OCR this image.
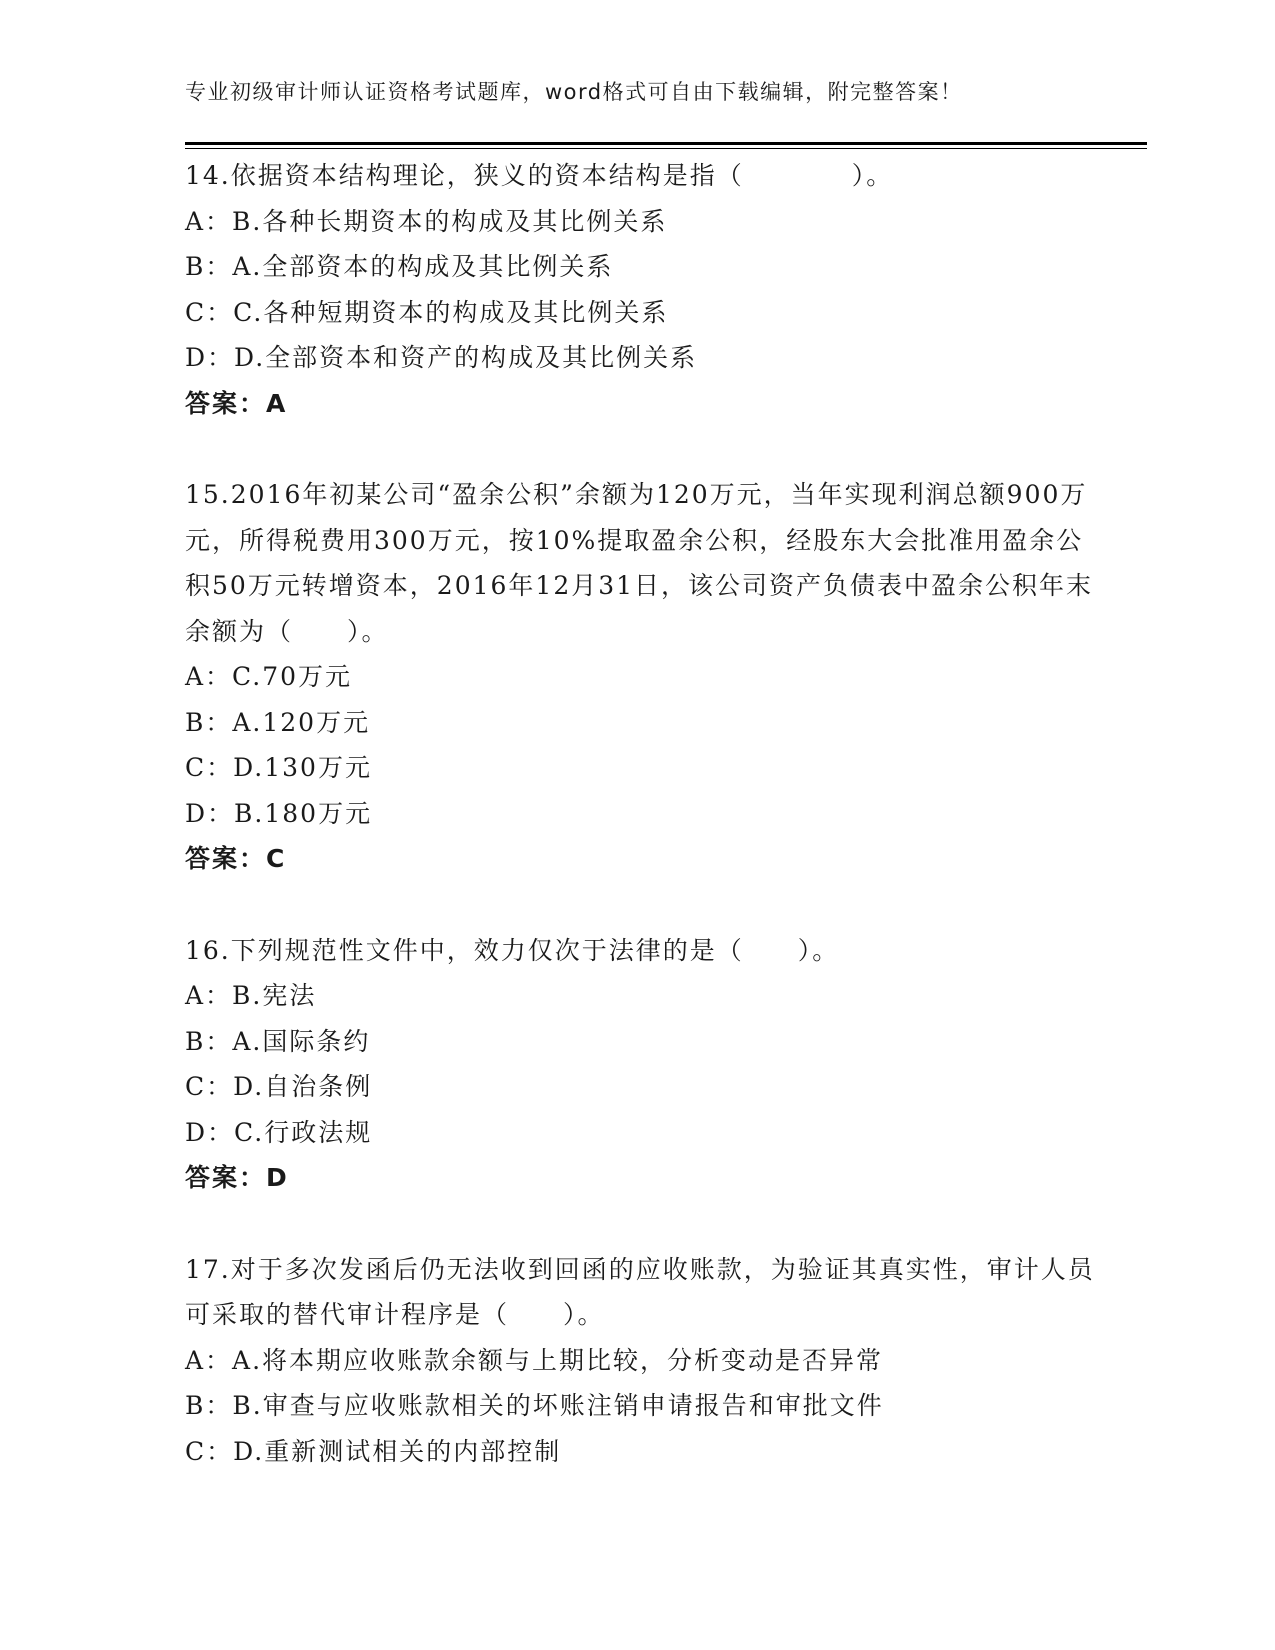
专业初级审计师认证资格考试题库，word格式可自由下载编辑，附完整答案！

14.依据资本结构理论，狭义的资本结构是指（　　　　）。

A：B.各种长期资本的构成及其比例关系

B：A.全部资本的构成及其比例关系

C：C.各种短期资本的构成及其比例关系

D：D.全部资本和资产的构成及其比例关系

答案：A

15.2016年初某公司“盈余公积”余额为120万元，当年实现利润总额900万元，所得税费用300万元，按10%提取盈余公积，经股东大会批准用盈余公积50万元转增资本，2016年12月31日，该公司资产负债表中盈余公积年末余额为（　　）。

A：C.70万元

B：A.120万元

C：D.130万元

D：B.180万元

答案：C

16.下列规范性文件中，效力仅次于法律的是（　　）。

A：B.宪法

B：A.国际条约

C：D.自治条例

D：C.行政法规

答案：D

17.对于多次发函后仍无法收到回函的应收账款，为验证其真实性，审计人员可采取的替代审计程序是（　　）。

A：A.将本期应收账款余额与上期比较，分析变动是否异常

B：B.审查与应收账款相关的坏账注销申请报告和审批文件

C：D.重新测试相关的内部控制
